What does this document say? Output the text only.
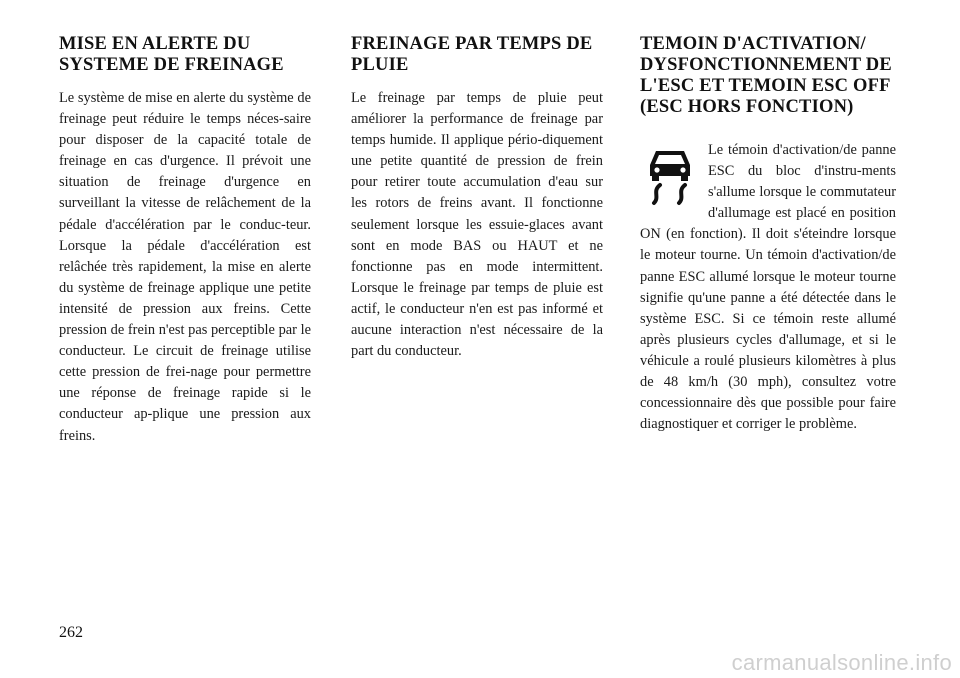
MISE EN ALERTE DU SYSTEME DE FREINAGE

Le système de mise en alerte du système de freinage peut réduire le temps néces-saire pour disposer de la capacité totale de freinage en cas d'urgence. Il prévoit une situation de freinage d'urgence en surveillant la vitesse de relâchement de la pédale d'accélération par le conduc-teur. Lorsque la pédale d'accélération est relâchée très rapidement, la mise en alerte du système de freinage applique une petite intensité de pression aux freins. Cette pression de frein n'est pas perceptible par le conducteur. Le circuit de freinage utilise cette pression de frei-nage pour permettre une réponse de freinage rapide si le conducteur ap-plique une pression aux freins.

FREINAGE PAR TEMPS DE PLUIE

Le freinage par temps de pluie peut améliorer la performance de freinage par temps humide. Il applique pério-diquement une petite quantité de pression de frein pour retirer toute accumulation d'eau sur les rotors de freins avant. Il fonctionne seulement lorsque les essuie-glaces avant sont en mode BAS ou HAUT et ne fonctionne pas en mode intermittent. Lorsque le freinage par temps de pluie est actif, le conducteur n'en est pas informé et aucune interaction n'est nécessaire de la part du conducteur.

TEMOIN D'ACTIVATION/ DYSFONCTIONNEMENT DE L'ESC ET TEMOIN ESC OFF (ESC HORS FONCTION)

Le témoin d'activation/de panne ESC du bloc d'instru-ments s'allume lorsque le commutateur d'allumage est placé en position ON (en fonction). Il doit s'éteindre lorsque le moteur tourne. Un témoin d'activation/de panne ESC allumé lorsque le moteur tourne signifie qu'une panne a été détectée dans le système ESC. Si ce témoin reste allumé après plusieurs cycles d'allumage, et si le véhicule a roulé plusieurs kilomètres à plus de 48 km/h (30 mph), consultez votre concessionnaire dès que possible pour faire diagnostiquer et corriger le problème.

262
carmanualsonline.info
